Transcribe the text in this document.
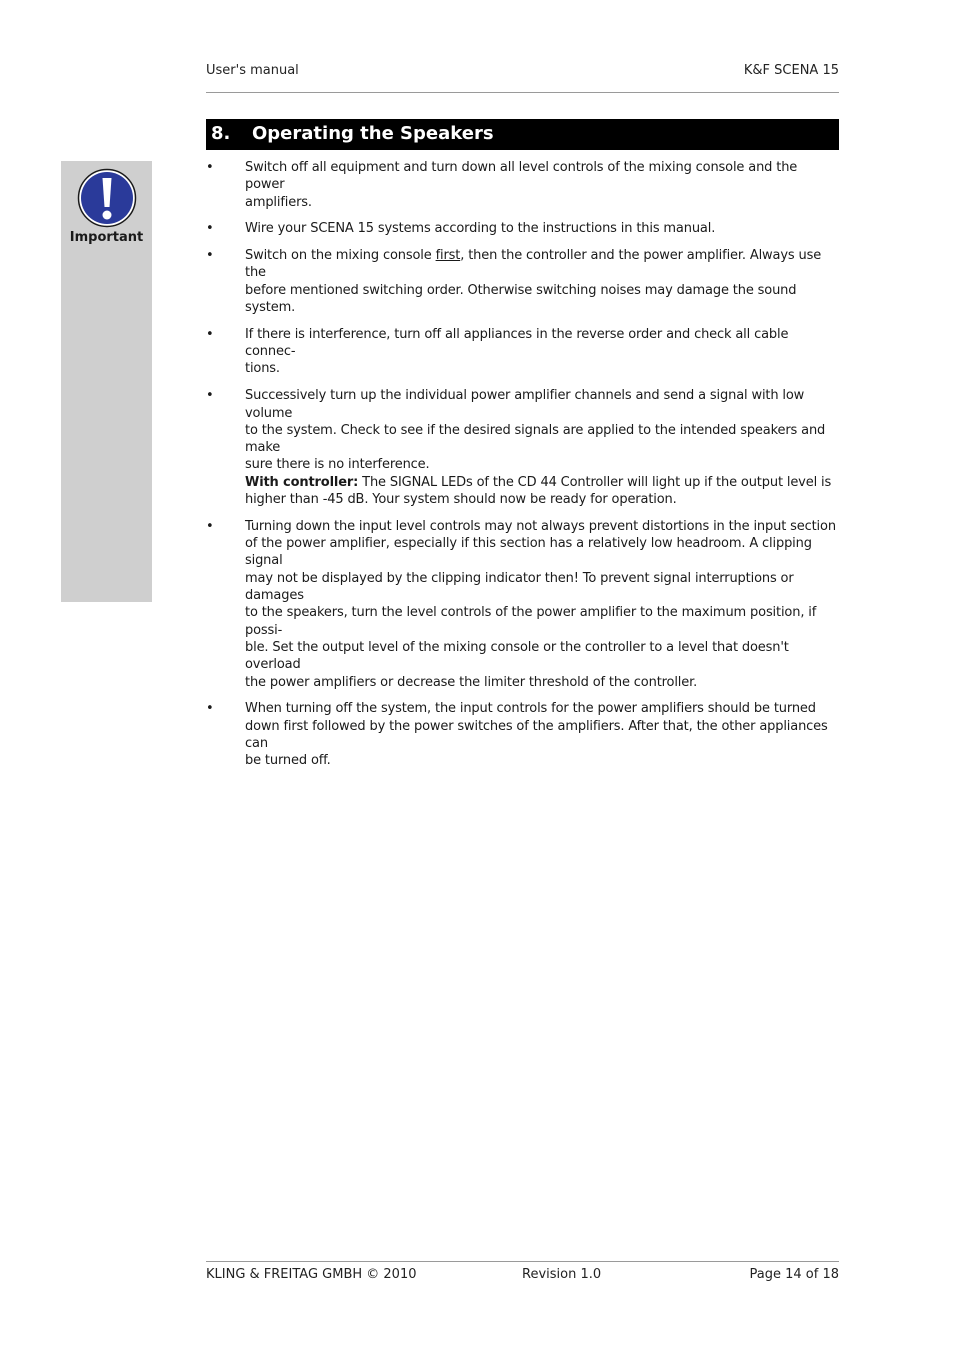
User's manual	K&F SCENA 15
8. Operating the Speakers
Important
• Switch off all equipment and turn down all level controls of the mixing console and the power
amplifiers.
• Wire your SCENA 15 systems according to the instructions in this manual.
• Switch on the mixing console first, then the controller and the power amplifier. Always use the
before mentioned switching order. Otherwise switching noises may damage the sound system.
• If there is interference, turn off all appliances in the reverse order and check all cable connec-
tions.
• Successively turn up the individual power amplifier channels and send a signal with low volume
to the system. Check to see if the desired signals are applied to the intended speakers and make
sure there is no interference.
With controller: The SIGNAL LEDs of the CD 44 Controller will light up if the output level is
higher than -45 dB. Your system should now be ready for operation.
• Turning down the input level controls may not always prevent distortions in the input section
of the power amplifier, especially if this section has a relatively low headroom. A clipping signal
may not be displayed by the clipping indicator then! To prevent signal interruptions or damages
to the speakers, turn the level controls of the power amplifier to the maximum position, if possi-
ble. Set the output level of the mixing console or the controller to a level that doesn't overload
the power amplifiers or decrease the limiter threshold of the controller.
• When turning off the system, the input controls for the power amplifiers should be turned
down first followed by the power switches of the amplifiers. After that, the other appliances can
be turned off.
KLING & FREITAG GMBH © 2010	Revision 1.0	Page 14 of 18
